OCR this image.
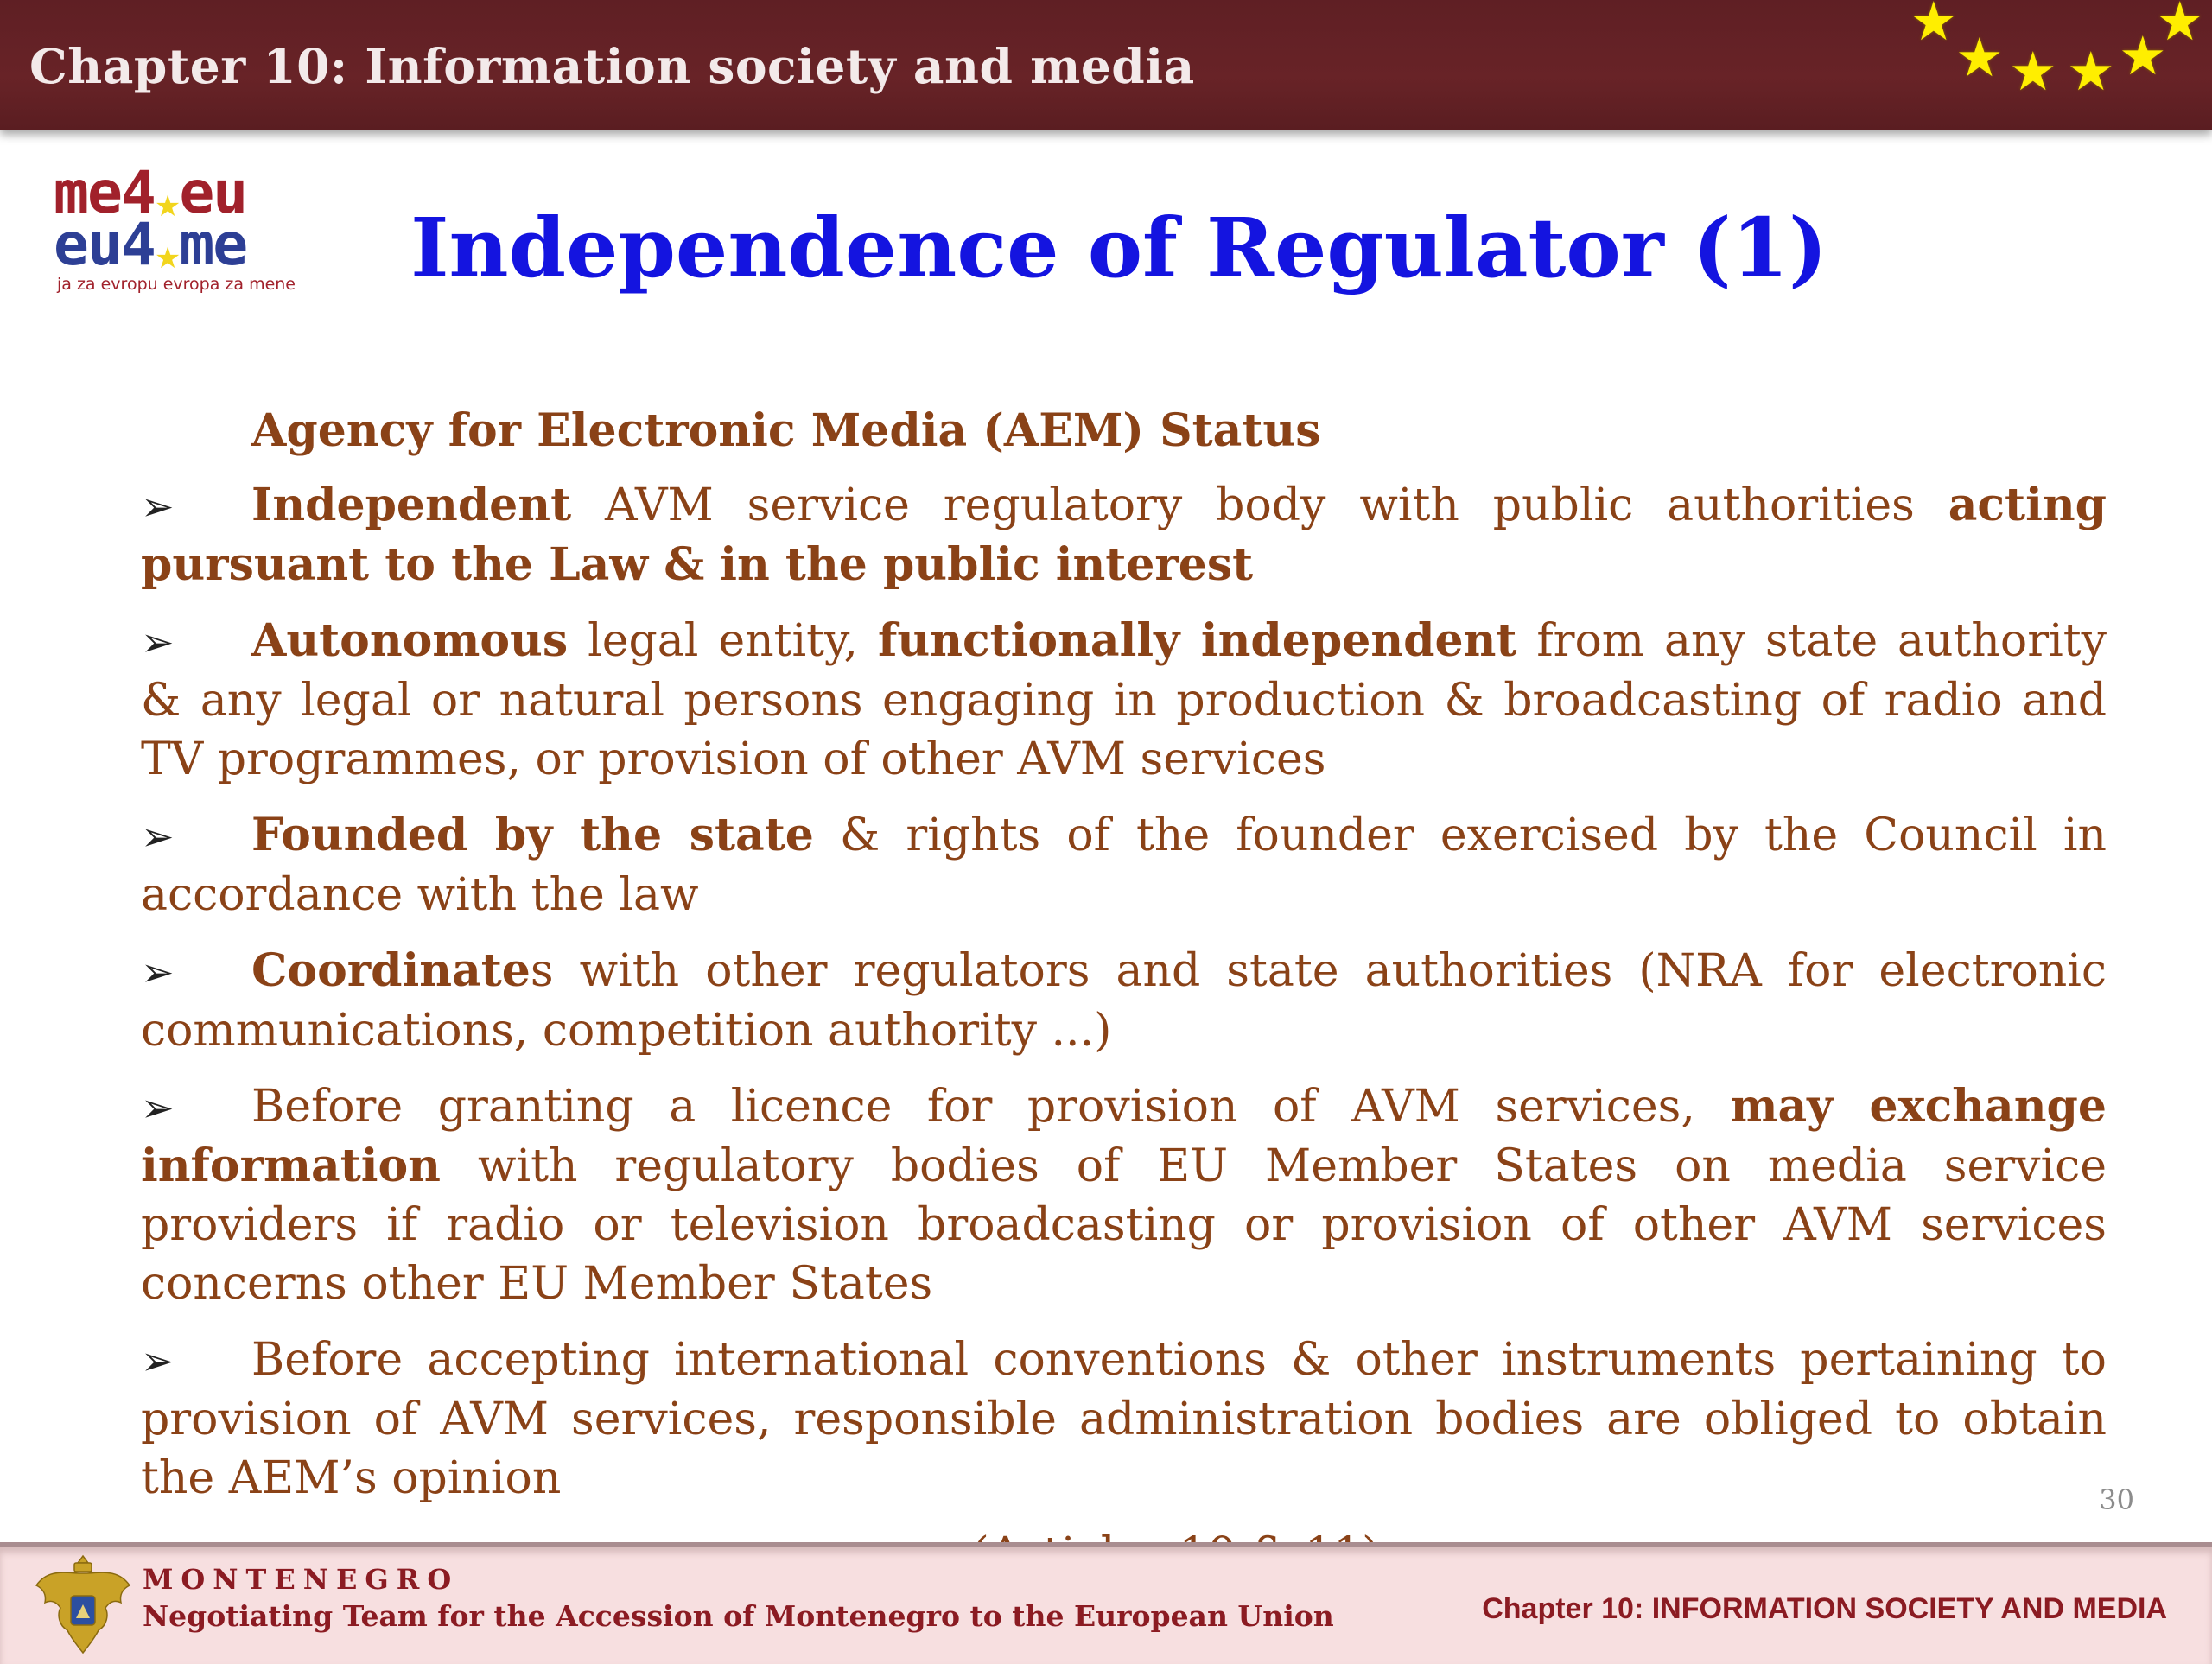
Chapter 10: Information society and media
★
★ ★ ★ ★
★
me4★eu
eu4★me
ja za evropu evropa za mene	Independence of Regulator (1)
Agency for Electronic Media (AEM) Status
➢ Independent AVM service regulatory body with public authorities acting pursuant to the Law & in the public interest
➢ Autonomous legal entity, functionally independent from any state authority & any legal or natural persons engaging in production & broadcasting of radio and TV programmes, or provision of other AVM services
➢ Founded by the state & rights of the founder exercised by the Council in accordance with the law
➢ Coordinates with other regulators and state authorities (NRA for electronic communications, competition authority ...)
➢ Before granting a licence for provision of AVM services, may exchange information with regulatory bodies of EU Member States on media service providers if radio or television broadcasting or provision of other AVM services concerns other EU Member States
➢ Before accepting international conventions & other instruments pertaining to provision of AVM services, responsible administration bodies are obliged to obtain the AEM’s opinion	30
MONTENEGRO
Negotiating Team for the Accession of Montenegro to the European Union	Chapter 10: INFORMATION SOCIETY AND MEDIA
